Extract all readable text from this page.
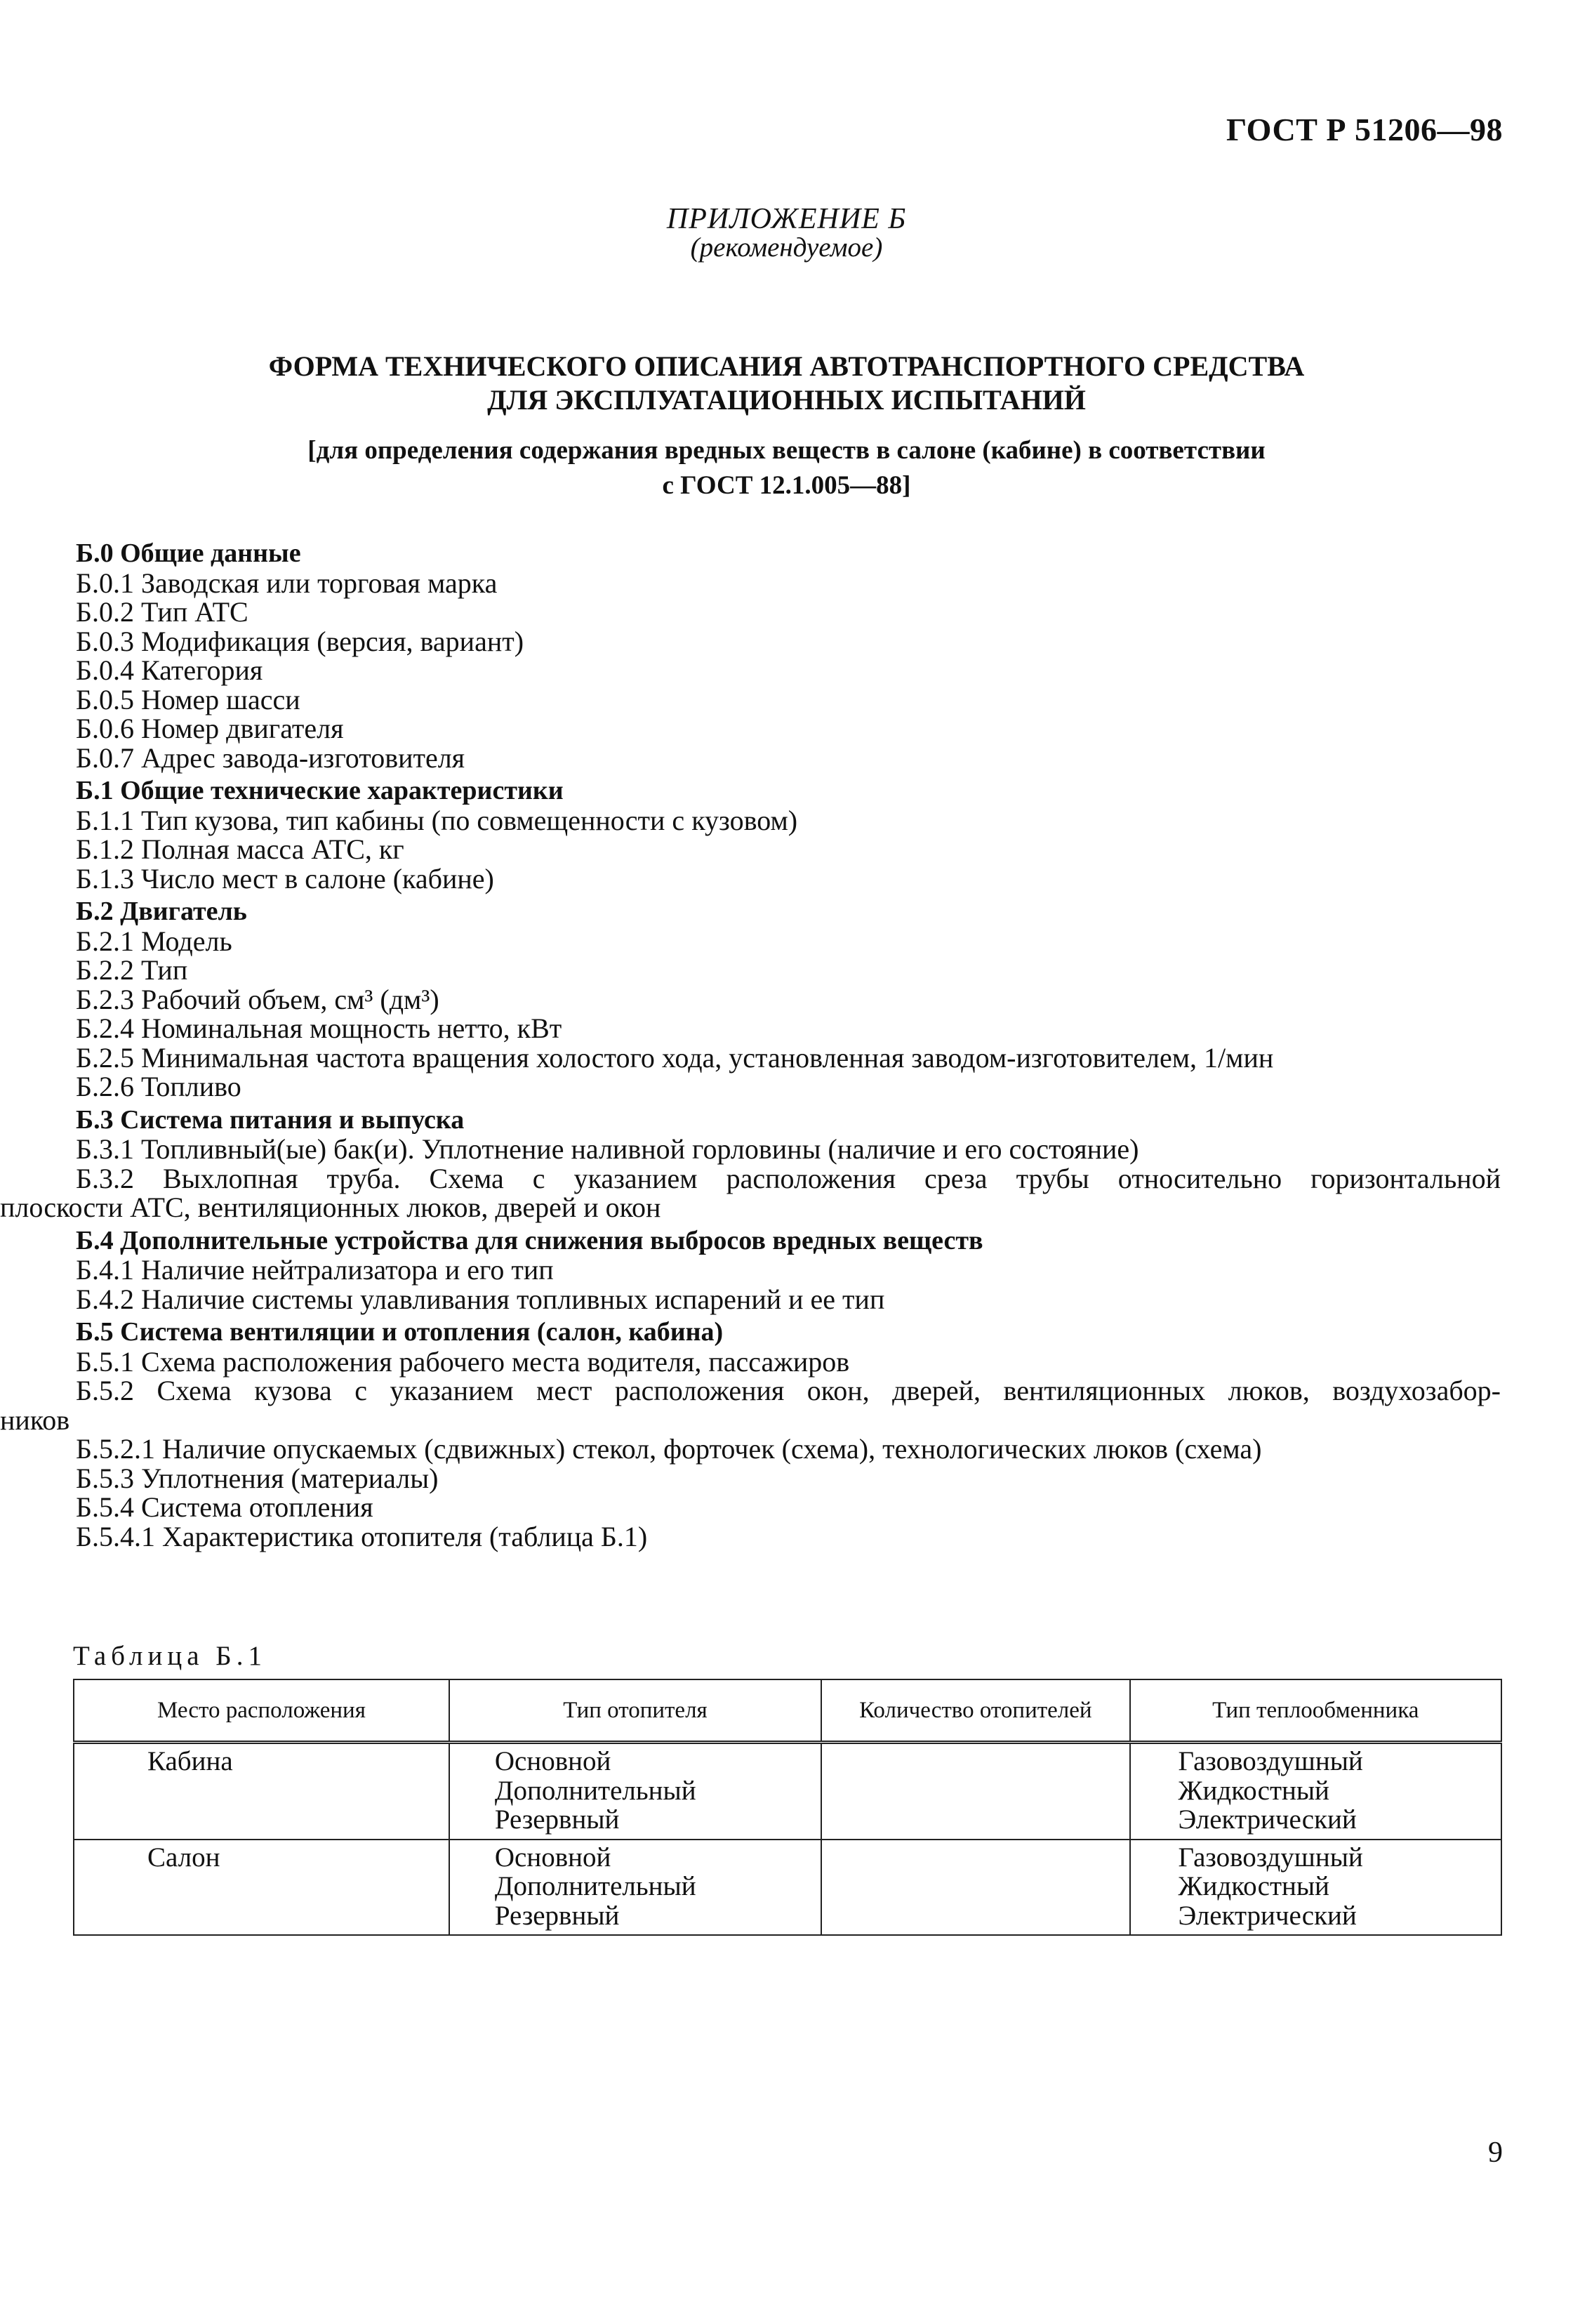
ГОСТ Р 51206—98
ПРИЛОЖЕНИЕ Б
(рекомендуемое)
ФОРМА ТЕХНИЧЕСКОГО ОПИСАНИЯ АВТОТРАНСПОРТНОГО СРЕДСТВА
ДЛЯ ЭКСПЛУАТАЦИОННЫХ ИСПЫТАНИЙ
[для определения содержания вредных веществ в салоне (кабине) в соответствии
с ГОСТ 12.1.005—88]
Б.0 Общие данные
Б.0.1 Заводская или торговая марка
Б.0.2 Тип АТС
Б.0.3 Модификация (версия, вариант)
Б.0.4 Категория
Б.0.5 Номер шасси
Б.0.6 Номер двигателя
Б.0.7 Адрес завода-изготовителя
Б.1 Общие технические характеристики
Б.1.1 Тип кузова, тип кабины (по совмещенности с кузовом)
Б.1.2 Полная масса АТС, кг
Б.1.3 Число мест в салоне (кабине)
Б.2 Двигатель
Б.2.1 Модель
Б.2.2 Тип
Б.2.3 Рабочий объем, см³ (дм³)
Б.2.4 Номинальная мощность нетто, кВт
Б.2.5 Минимальная частота вращения холостого хода, установленная заводом-изготовителем, 1/мин
Б.2.6 Топливо
Б.3 Система питания и выпуска
Б.3.1 Топливный(ые) бак(и). Уплотнение наливной горловины (наличие и его состояние)
Б.3.2 Выхлопная труба. Схема с указанием расположения среза трубы относительно горизонтальной
плоскости АТС, вентиляционных люков, дверей и окон
Б.4 Дополнительные устройства для снижения выбросов вредных веществ
Б.4.1 Наличие нейтрализатора и его тип
Б.4.2 Наличие системы улавливания топливных испарений и ее тип
Б.5 Система вентиляции и отопления (салон, кабина)
Б.5.1 Схема расположения рабочего места водителя, пассажиров
Б.5.2 Схема кузова с указанием мест расположения окон, дверей, вентиляционных люков, воздухозабор-
ников
Б.5.2.1 Наличие опускаемых (сдвижных) стекол, форточек (схема), технологических люков (схема)
Б.5.3 Уплотнения (материалы)
Б.5.4 Система отопления
Б.5.4.1 Характеристика отопителя (таблица Б.1)
Таблица Б.1
Место расположения	Тип отопителя	Количество отопителей	Тип теплообменника

Кабина	Основной
Дополнительный
Резервный		Газовоздушный
Жидкостный
Электрический

Салон	Основной
Дополнительный
Резервный		Газовоздушный
Жидкостный
Электрический
9
